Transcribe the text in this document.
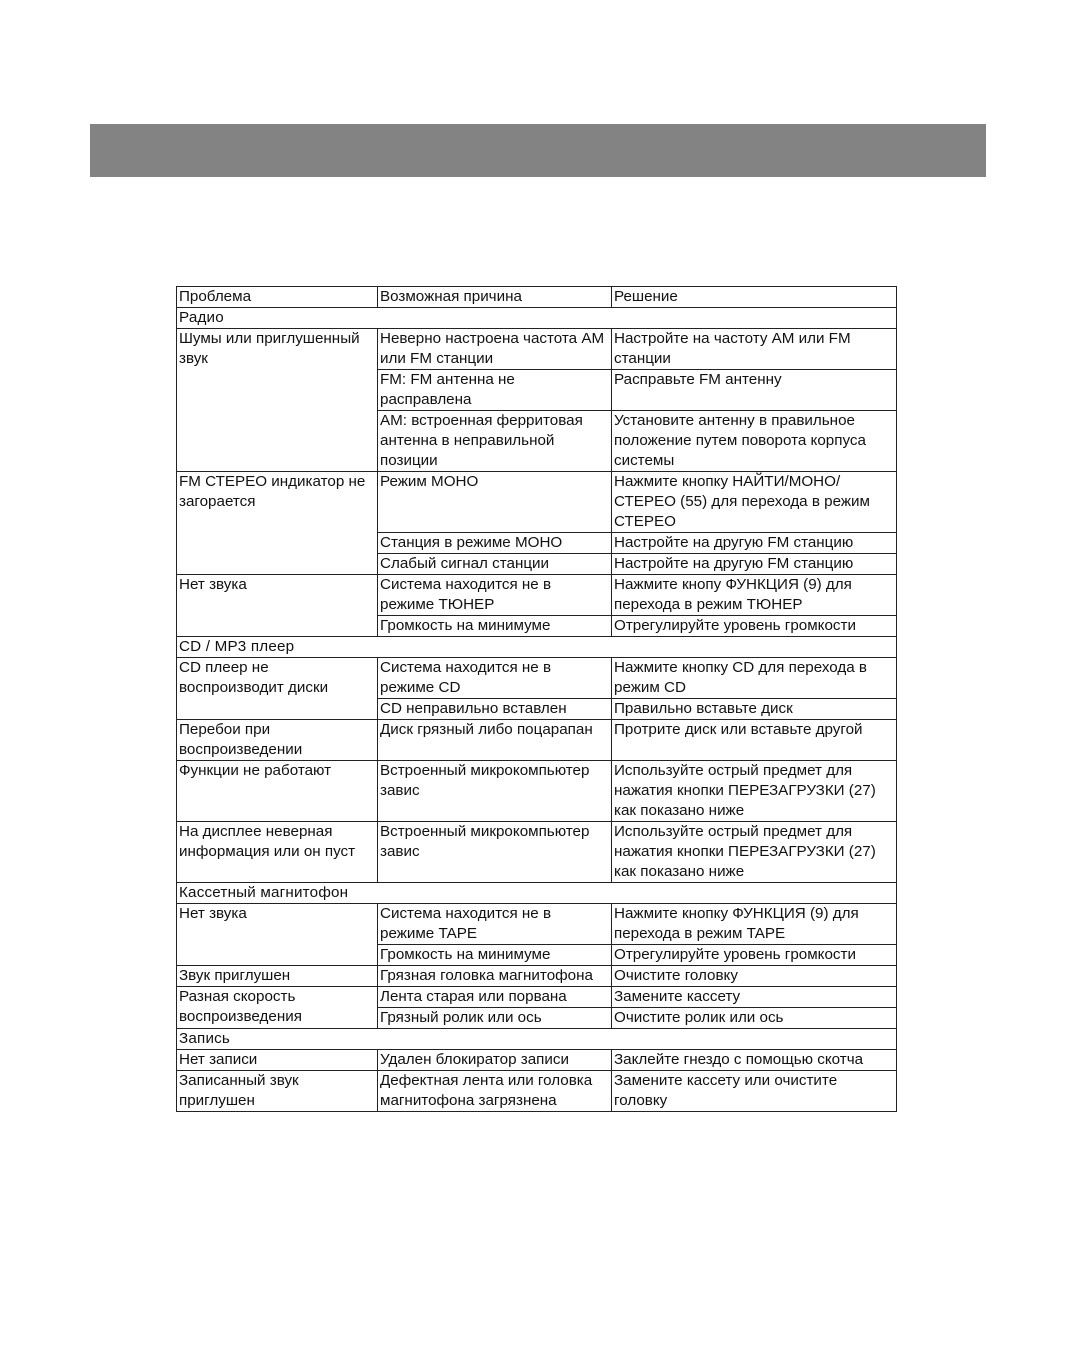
Проблема	Возможная причина	Решение
Радио		
Шумы или приглушенный звук	Неверно настроена частота АМ или FM станции	Настройте на частоту АМ или FM станции
	FM: FM антенна не расправлена	Расправьте FM антенну
	AM: встроенная ферритовая антенна в неправильной позиции	Установите антенну в правильное положение путем поворота корпуса системы
FM СТЕРЕО индикатор не загорается	Режим МОНО	Нажмите кнопку НАЙТИ/МОНО/СТЕРЕО (55) для перехода в режим СТЕРЕО
	Станция в режиме МОНО	Настройте на другую FM станцию
	Слабый сигнал станции	Настройте на другую FM станцию
Нет звука	Система находится не в режиме ТЮНЕР	Нажмите кнопу ФУНКЦИЯ (9) для перехода в режим ТЮНЕР
	Громкость на минимуме	Отрегулируйте уровень громкости
CD / MP3 плеер		
CD плеер не воспроизводит диски	Система находится не в режиме CD	Нажмите кнопку CD для перехода в режим CD
	CD неправильно вставлен	Правильно вставьте диск
Перебои при воспроизведении	Диск грязный либо поцарапан	Протрите диск или вставьте другой
Функции не работают	Встроенный микрокомпьютер завис	Используйте острый предмет для нажатия кнопки ПЕРЕЗАГРУЗКИ (27) как показано ниже
На дисплее неверная информация или он пуст	Встроенный микрокомпьютер завис	Используйте острый предмет для нажатия кнопки ПЕРЕЗАГРУЗКИ (27) как показано ниже
Кассетный магнитофон		
Нет звука	Система находится не в режиме TAPE	Нажмите кнопку ФУНКЦИЯ (9) для перехода в режим TAPE
	Громкость на минимуме	Отрегулируйте уровень громкости
Звук приглушен	Грязная головка магнитофона	Очистите головку
Разная скорость воспроизведения	Лента старая или порвана	Замените кассету
	Грязный ролик или ось	Очистите ролик или ось
Запись		
Нет записи	Удален блокиратор записи	Заклейте гнездо с помощью скотча
Записанный звук приглушен	Дефектная лента или головка магнитофона загрязнена	Замените кассету или очистите головку
